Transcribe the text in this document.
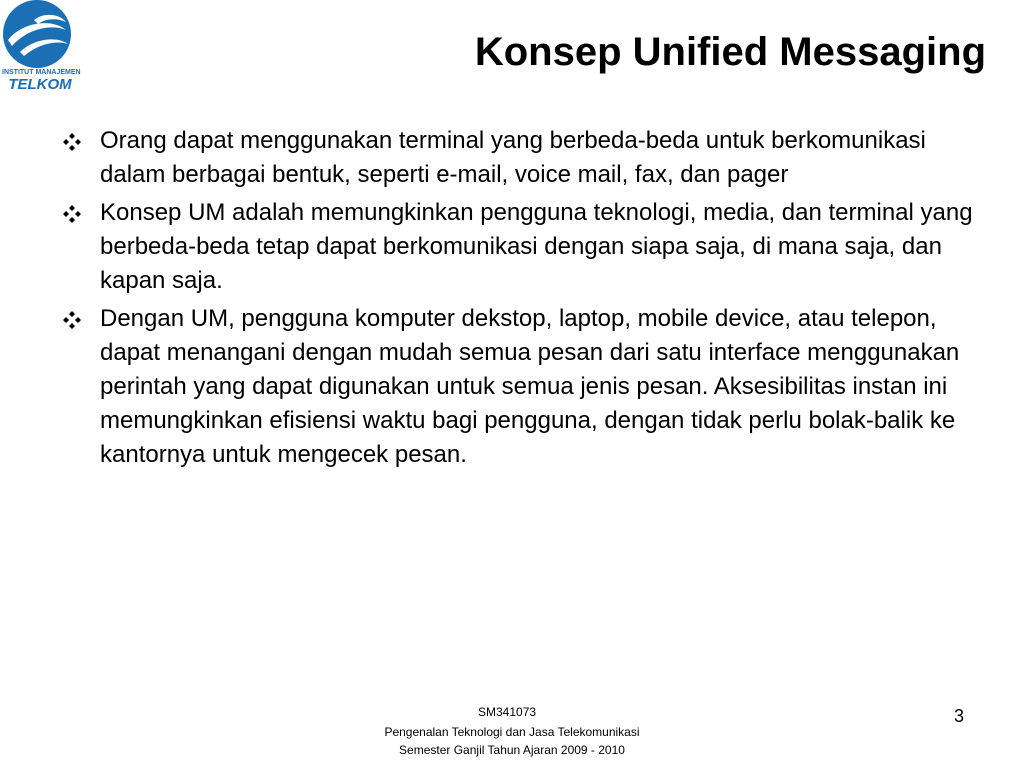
INSTITUT MANAJEMEN
TELKOM
Konsep Unified Messaging
Orang dapat menggunakan terminal yang berbeda-beda untuk berkomunikasi dalam berbagai bentuk, seperti e-mail, voice mail, fax, dan pager
Konsep UM adalah memungkinkan pengguna teknologi, media, dan terminal yang berbeda-beda tetap dapat berkomunikasi dengan siapa saja, di mana saja, dan kapan saja.
Dengan UM, pengguna komputer dekstop, laptop, mobile device, atau telepon, dapat menangani dengan mudah semua pesan dari satu interface menggunakan perintah yang dapat digunakan untuk semua jenis pesan. Aksesibilitas instan ini memungkinkan efisiensi waktu bagi pengguna, dengan tidak perlu bolak-balik ke kantornya untuk mengecek pesan.
SM341073
Pengenalan Teknologi dan Jasa Telekomunikasi
Semester Ganjil Tahun Ajaran 2009 - 2010
3
